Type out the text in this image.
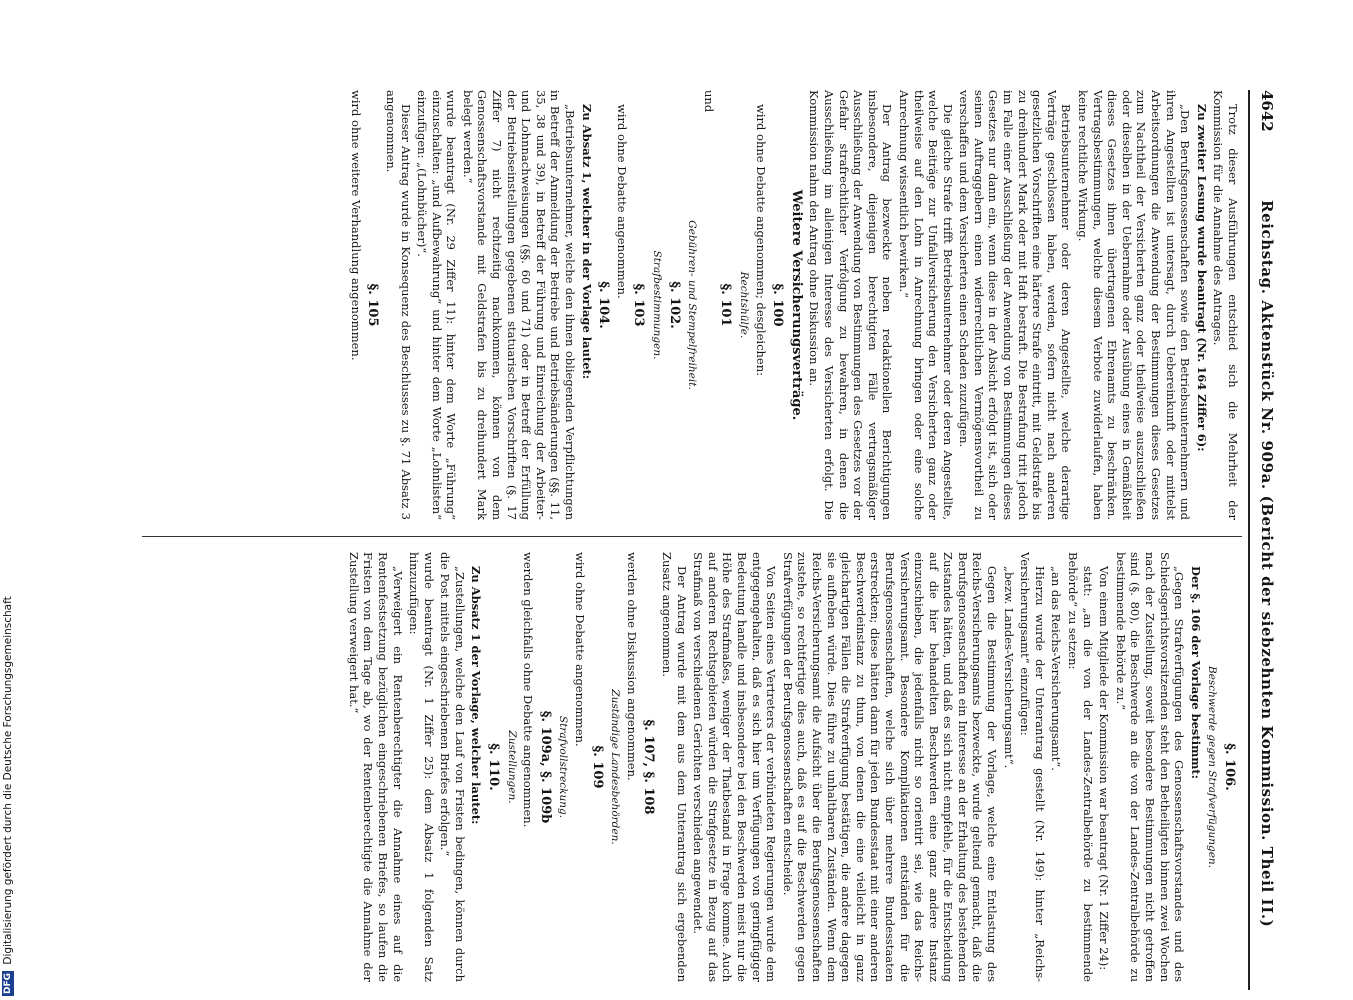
4642
Reichstag. Aktenstück Nr. 909a. (Bericht der siebzehnten Kommission. Theil II.)

Trotz dieser Ausführungen entschied sich die Mehrheit der Kommission für die Annahme des Antrages.

Zu zweiter Lesung wurde beantragt (Nr. 164 Ziffer 6):

„Den Berufsgenossenschaften sowie den Betriebsunternehmern und ihren Angestellten ist untersagt, durch Uebereinkunft oder mittelst Arbeitsordnungen die Anwendung der Bestimmungen dieses Gesetzes zum Nachtheil der Versicherten ganz oder theilweise auszuschließen oder dieselben in der Uebernahme oder Ausübung eines in Gemäßheit dieses Gesetzes ihnen übertragenen Ehrenamts zu beschränken. Vertragsbestimmungen, welche diesem Verbote zuwiderlaufen, haben keine rechtliche Wirkung.

Betriebsunternehmer oder deren Angestellte, welche derartige Verträge geschlossen haben, werden, sofern nicht nach anderen gesetzlichen Vorschriften eine härtere Strafe eintritt, mit Geldstrafe bis zu dreihundert Mark oder mit Haft bestraft. Die Bestrafung tritt jedoch im Falle einer Ausschließung der Anwendung von Bestimmungen dieses Gesetzes nur dann ein, wenn diese in der Absicht erfolgt ist, sich oder seinen Auftraggebern einen widerrechtlichen Vermögensvortheil zu verschaffen und dem Versicherten einen Schaden zuzufügen.

Die gleiche Strafe trifft Betriebsunternehmer oder deren Angestellte, welche Beiträge zur Unfallversicherung den Versicherten ganz oder theilweise auf den Lohn in Anrechnung bringen oder eine solche Anrechnung wissentlich bewirken.“

Der Antrag bezweckte neben redaktionellen Berichtigungen insbesondere, diejenigen berechtigten Fälle vertragsmäßiger Ausschließung der Anwendung von Bestimmungen des Gesetzes vor der Gefahr strafrechtlicher Verfolgung zu bewahren, in denen die Ausschließung im alleinigen Interesse des Versicherten erfolgt. Die Kommission nahm den Antrag ohne Diskussion an.

Weitere Versicherungsverträge.
§. 100

wird ohne Debatte angenommen; desgleichen:

Rechtshülfe.
§. 101

und

Gebühren- und Stempelfreiheit.
§. 102.
Strafbestimmungen.
§. 103

wird ohne Debatte angenommen.

§. 104.

Zu Absatz 1, welcher in der Vorlage lautet:

„Betriebsunternehmer, welche den ihnen obliegenden Verpflichtungen in Betreff der Anmeldung der Betriebe und Betriebsänderungen (§§. 11, 35, 38 und 39), in Betreff der Führung und Einreichung der Arbeiter- und Lohnnachweisungen (§§. 60 und 71) oder in Betreff der Erfüllung der Betriebseinstellungen gegebenen statuarischen Vorschriften (§. 17 Ziffer 7) nicht rechtzeitig nachkommen, können von dem Genossenschaftsvorstande mit Geldstrafen bis zu dreihundert Mark belegt werden.“

wurde beantragt (Nr. 29 Ziffer 11): hinter dem Worte „Führung“ einzuschalten: „und Aufbewahrung“ und hinter dem Worte „Lohnlisten“ einzufügen: „(Lohnbücher)“.

Dieser Antrag wurde in Konsequenz des Beschlusses zu §. 71 Absatz 3 angenommen.

§. 105

wird ohne weitere Verhandlung angenommen.

§. 106.
Beschwerde gegen Strafverfügungen.

Der §. 106 der Vorlage bestimmt:

„Gegen Strafverfügungen des Genossenschaftsvorstandes und des Schiedsgerichtsvorsitzenden steht den Betheiligten binnen zwei Wochen nach der Zustellung, soweit besondere Bestimmungen nicht getroffen sind (§. 80), die Beschwerde an die von der Landes-Zentralbehörde zu bestimmende Behörde zu.“

Von einem Mitgliede der Kommission war beantragt (Nr. 1 Ziffer 24):

statt: „an die von der Landes-Zentralbehörde zu bestimmende Behörde“ zu setzen:

„an das Reichs-Versicherungsamt“.

Hierzu wurde der Unterantrag gestellt (Nr. 149): hinter „Reichs-Versicherungsamt“ einzufügen:

„bezw. Landes-Versicherungsamt“.

Gegen die Bestimmung der Vorlage, welche eine Entlastung des Reichs-Versicherungsamts bezweckte, wurde geltend gemacht, daß die Berufsgenossenschaften ein Interesse an der Erhaltung des bestehenden Zustandes hätten, und daß es sich nicht empfehle, für die Entscheidung auf die hier behandelten Beschwerden eine ganz andere Instanz einzuschieben, die jedenfalls nicht so orientirt sei, wie das Reichs-Versicherungsamt. Besondere Komplikationen entständen für die Berufsgenossenschaften, welche sich über mehrere Bundesstaaten erstreckten; diese hätten dann für jeden Bundesstaat mit einer anderen Beschwerdeinstanz zu thun, von denen die eine vielleicht in ganz gleichartigen Fällen die Strafverfügung bestätigen, die andere dagegen sie aufheben würde. Dies führe zu unhaltbaren Zuständen. Wenn dem Reichs-Versicherungsamt die Aufsicht über die Berufsgenossenschaften zustehe, so rechtfertige dies auch, daß es auf die Beschwerden gegen Strafverfügungen der Berufsgenossenschaften entscheide.

Von Seiten eines Vertreters der verbündeten Regierungen wurde dem entgegengehalten, daß es sich hier um Verfügungen von geringfügiger Bedeutung handle und insbesondere bei den Beschwerden meist nur die Höhe des Strafmaßes, weniger der Thatbestand in Frage komme. Auch auf anderen Rechtsgebieten würden die Strafgesetze in Bezug auf das Strafmaß von verschiedenen Gerichten verschieden angewendet.

Der Antrag wurde mit dem aus dem Unterantrag sich ergebenden Zusatz angenommen.

§. 107, §. 108

werden ohne Diskussion angenommen.

Zuständige Landesbehörden.
§. 109

wird ohne Debatte angenommen.

Strafvollstreckung.
§. 109a, §. 109b

werden gleichfalls ohne Debatte angenommen.

Zustellungen.
§. 110.

Zu Absatz 1 der Vorlage, welcher lautet:

„Zustellungen, welche den Lauf von Fristen bedingen, können durch die Post mittels eingeschriebenen Briefes erfolgen.“

wurde beantragt (Nr. 1 Ziffer 25): dem Absatz 1 folgenden Satz hinzuzufügen:

„Verweigert ein Rentenberechtigter die Annahme eines auf die Rentenfestsetzung bezüglichen eingeschriebenen Briefes, so laufen die Fristen von dem Tage ab, wo der Rentenberechtigte die Annahme der Zustellung verweigert hat.“

DFG Digitalisierung gefördert durch die Deutsche Forschungsgemeinschaft
